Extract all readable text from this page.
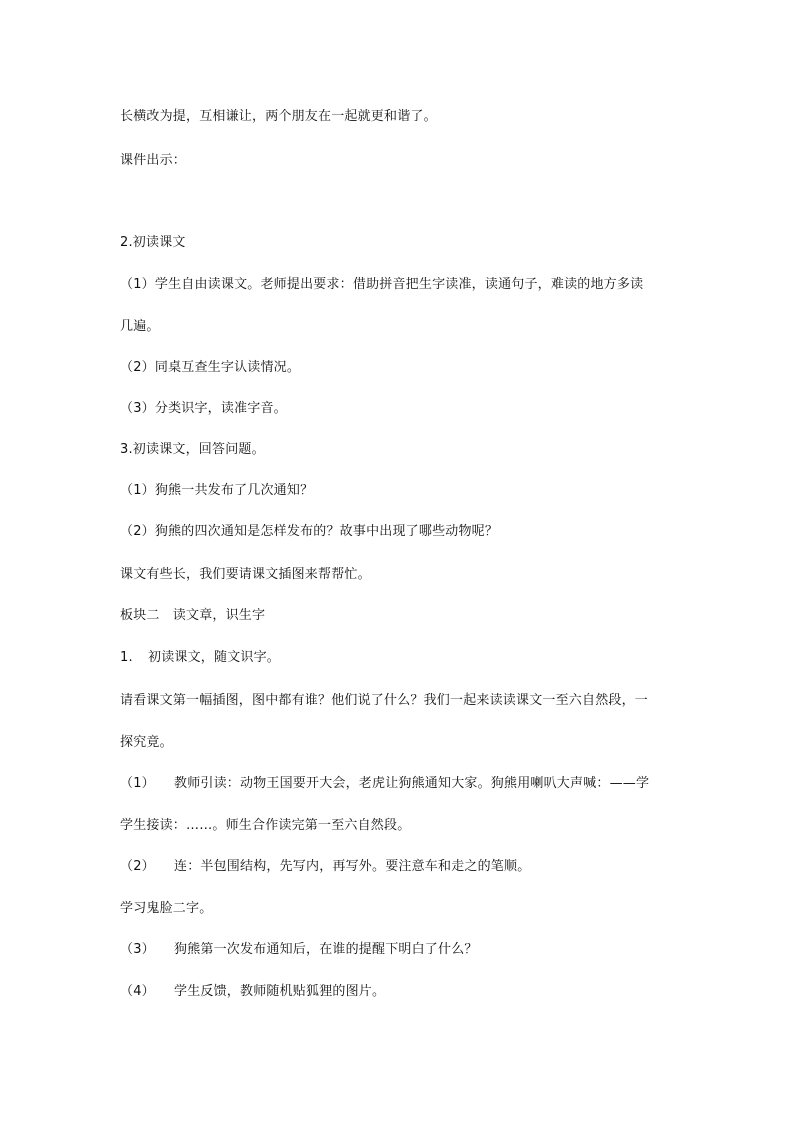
长横改为提，互相谦让，两个朋友在一起就更和谐了。
课件出示：
2.初读课文
（1）学生自由读课文。老师提出要求：借助拼音把生字读准，读通句子，难读的地方多读
几遍。
（2）同桌互查生字认读情况。
（3）分类识字，读准字音。
3.初读课文，回答问题。
（1）狗熊一共发布了几次通知？
（2）狗熊的四次通知是怎样发布的？故事中出现了哪些动物呢？
课文有些长，我们要请课文插图来帮帮忙。
板块二　读文章，识生字
1. 初读课文，随文识字。
请看课文第一幅插图，图中都有谁？他们说了什么？我们一起来读读课文一至六自然段，一
探究竟。
（1） 教师引读：动物王国要开大会，老虎让狗熊通知大家。狗熊用喇叭大声喊：——学
学生接读：……。师生合作读完第一至六自然段。
（2） 连：半包围结构，先写内，再写外。要注意车和走之的笔顺。
学习鬼脸二字。
（3） 狗熊第一次发布通知后，在谁的提醒下明白了什么？
（4） 学生反馈，教师随机贴狐狸的图片。
